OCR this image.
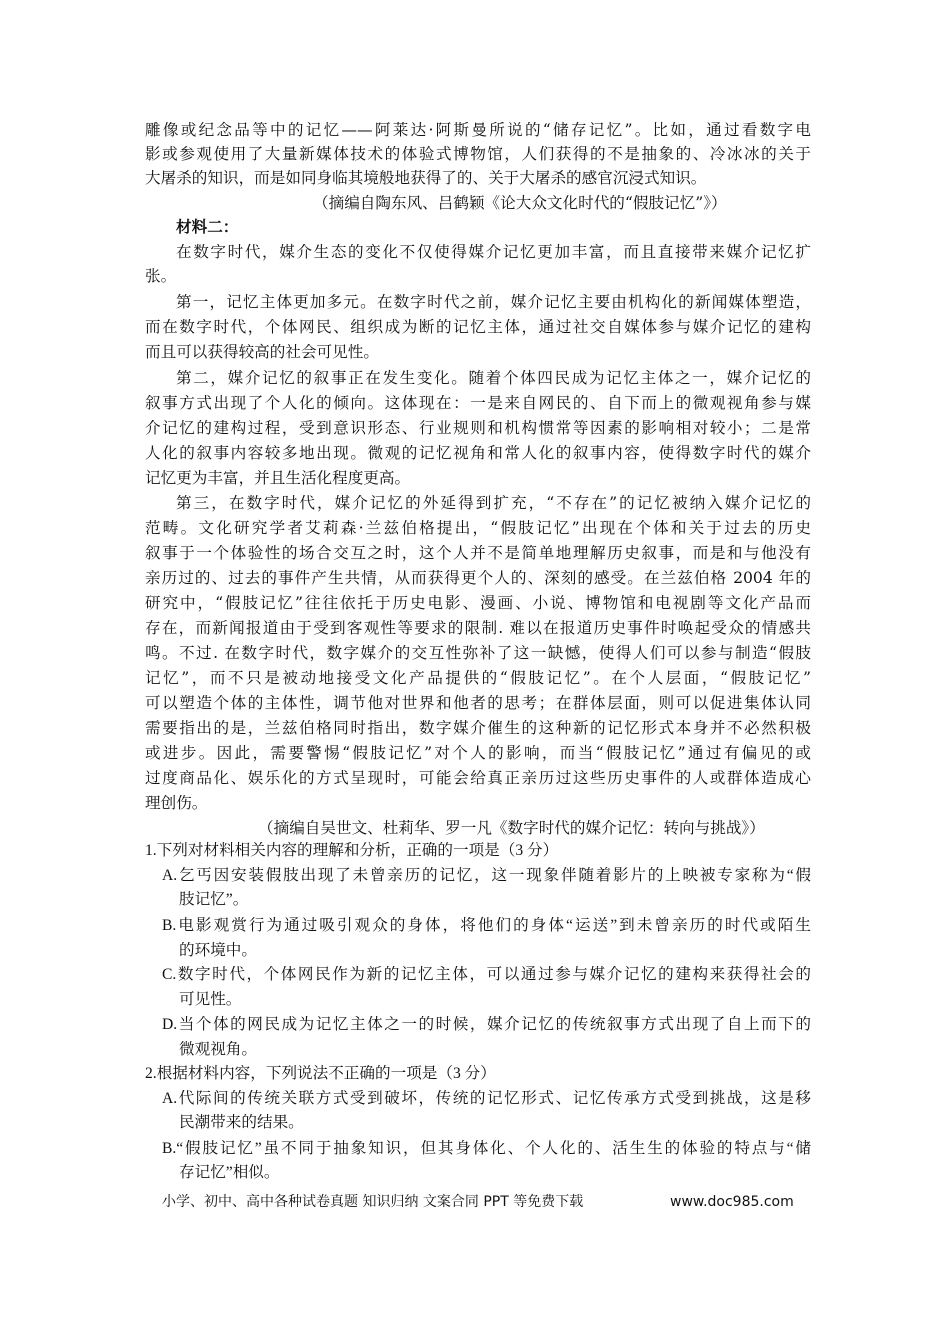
雕像或纪念品等中的记忆——阿莱达·阿斯曼所说的“储存记忆”。比如，通过看数字电
影或参观使用了大量新媒体技术的体验式博物馆，人们获得的不是抽象的、冷冰冰的关于
大屠杀的知识，而是如同身临其境般地获得了的、关于大屠杀的感官沉浸式知识。
（摘编自陶东风、吕鹤颖《论大众文化时代的“假肢记忆”》）
材料二：
在数字时代，媒介生态的变化不仅使得媒介记忆更加丰富，而且直接带来媒介记忆扩
张。
第一，记忆主体更加多元。在数字时代之前，媒介记忆主要由机构化的新闻媒体塑造，
而在数字时代，个体网民、组织成为断的记忆主体，通过社交自媒体参与媒介记忆的建构
而且可以获得较高的社会可见性。
第二，媒介记忆的叙事正在发生变化。随着个体四民成为记忆主体之一，媒介记忆的
叙事方式出现了个人化的倾向。这体现在：一是来自网民的、自下而上的微观视角参与媒
介记忆的建构过程，受到意识形态、行业规则和机构惯常等因素的影响相对较小；二是常
人化的叙事内容较多地出现。微观的记忆视角和常人化的叙事内容，使得数字时代的媒介
记忆更为丰富，并且生活化程度更高。
第三，在数字时代，媒介记忆的外延得到扩充，“不存在”的记忆被纳入媒介记忆的
范畴。文化研究学者艾莉森·兰兹伯格提出，“假肢记忆”出现在个体和关于过去的历史
叙事于一个体验性的场合交互之时，这个人并不是简单地理解历史叙事，而是和与他没有
亲历过的、过去的事件产生共情，从而获得更个人的、深刻的感受。在兰兹伯格 2004 年的
研究中，“假肢记忆”往往依托于历史电影、漫画、小说、博物馆和电视剧等文化产品而
存在，而新闻报道由于受到客观性等要求的限制. 难以在报道历史事件时唤起受众的情感共
鸣。不过. 在数字时代，数字媒介的交互性弥补了这一缺憾，使得人们可以参与制造“假肢
记忆”，而不只是被动地接受文化产品提供的“假肢记忆”。在个人层面，“假肢记忆”
可以塑造个体的主体性，调节他对世界和他者的思考；在群体层面，则可以促进集体认同
需要指出的是，兰兹伯格同时指出，数字媒介催生的这种新的记忆形式本身并不必然积极
或进步。因此，需要警惕“假肢记忆”对个人的影响，而当“假肢记忆”通过有偏见的或
过度商品化、娱乐化的方式呈现时，可能会给真正亲历过这些历史事件的人或群体造成心
理创伤。
（摘编自吴世文、杜莉华、罗一凡《数字时代的媒介记忆：转向与挑战》）
1.下列对材料相关内容的理解和分析，正确的一项是（3 分）
A.乞丐因安装假肢出现了未曾亲历的记忆，这一现象伴随着影片的上映被专家称为“假
肢记忆”。
B.电影观赏行为通过吸引观众的身体，将他们的身体“运送”到未曾亲历的时代或陌生
的环境中。
C.数字时代，个体网民作为新的记忆主体，可以通过参与媒介记忆的建构来获得社会的
可见性。
D.当个体的网民成为记忆主体之一的时候，媒介记忆的传统叙事方式出现了自上而下的
微观视角。
2.根据材料内容，下列说法不正确的一项是（3 分）
A.代际间的传统关联方式受到破坏，传统的记忆形式、记忆传承方式受到挑战，这是移
民潮带来的结果。
B.“假肢记忆”虽不同于抽象知识，但其身体化、个人化的、活生生的体验的特点与“储
存记忆”相似。
小学、初中、高中各种试卷真题 知识归纳 文案合同 PPT 等免费下载	www.doc985.com
